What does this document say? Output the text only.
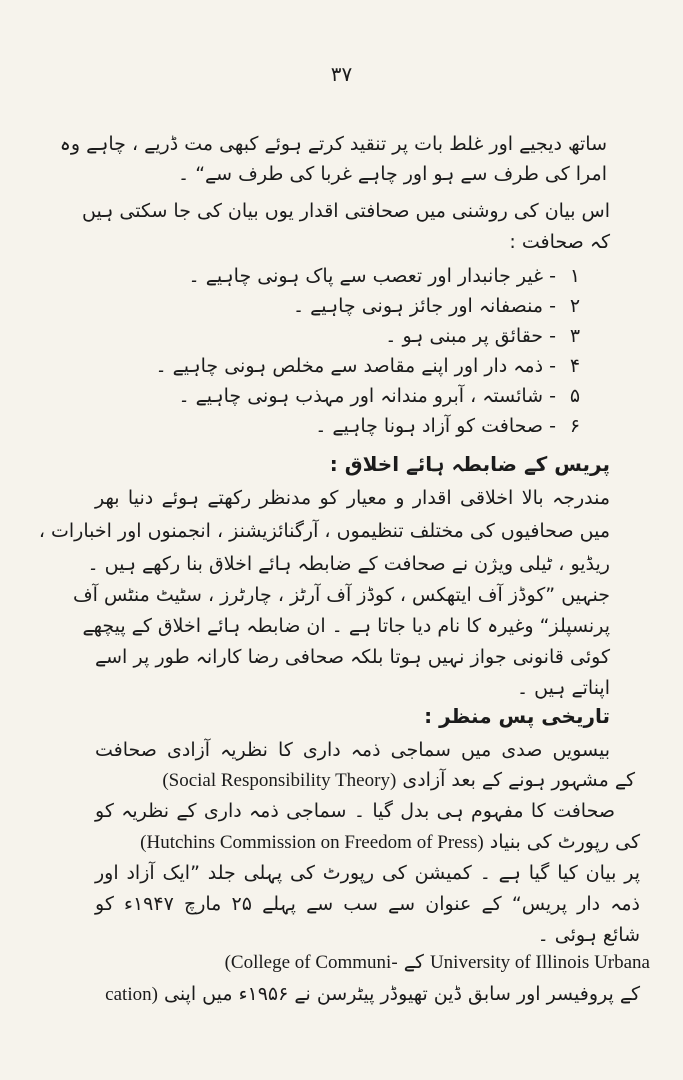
۳۷
ساتھ دیجیے اور غلط بات پر تنقید کرتے ہوئے کبھی مت ڈریے ، چاہے وہ
امرا کی طرف سے ہو اور چاہے غربا کی طرف سے“ ۔
اس بیان کی روشنی میں صحافتی اقدار یوں بیان کی جا سکتی ہیں
کہ صحافت :
۱ - غیر جانبدار اور تعصب سے پاک ہونی چاہیے ۔
۲ - منصفانہ اور جائز ہونی چاہیے ۔
۳ - حقائق پر مبنی ہو ۔
۴ - ذمہ دار اور اپنے مقاصد سے مخلص ہونی چاہیے ۔
۵ - شائستہ ، آبرو مندانہ اور مہذب ہونی چاہیے ۔
۶ - صحافت کو آزاد ہونا چاہیے ۔
پریس کے ضابطہ ہائے اخلاق :
مندرجہ بالا اخلاقی اقدار و معیار کو مدنظر رکھتے ہوئے دنیا بھر
میں صحافیوں کی مختلف تنظیموں ، آرگنائزیشنز ، انجمنوں اور اخبارات ،
ریڈیو ، ٹیلی ویژن نے صحافت کے ضابطہ ہائے اخلاق بنا رکھے ہیں ۔
جنہیں ”کوڈز آف ایتھکس ، کوڈز آف آرٹز ، چارٹرز ، سٹیٹ منٹس آف
پرنسپلز“ وغیرہ کا نام دیا جاتا ہے ۔ ان ضابطہ ہائے اخلاق کے پیچھے
کوئی قانونی جواز نہیں ہوتا بلکہ صحافی رضا کارانہ طور پر اسے
اپناتے ہیں ۔
تاریخی پس منظر :
بیسویں صدی میں سماجی ذمہ داری کا نظریہ آزادی صحافت
کے مشہور ہونے کے بعد آزادی (Social Responsibility Theory)
صحافت کا مفہوم ہی بدل گیا ۔ سماجی ذمہ داری کے نظریہ کو
کی رپورٹ کی بنیاد (Hutchins Commission on Freedom of Press)
پر بیان کیا گیا ہے ۔ کمیشن کی رپورٹ کی پہلی جلد ”ایک آزاد اور
ذمہ دار پریس“ کے عنوان سے سب سے پہلے ۲۵ مارچ ۱۹۴۷ء کو
شائع ہوئی ۔
University of Illinois Urbana کے (College of Communi-
کے پروفیسر اور سابق ڈین تھیوڈر پیٹرسن نے ۱۹۵۶ء میں اپنی cation)
